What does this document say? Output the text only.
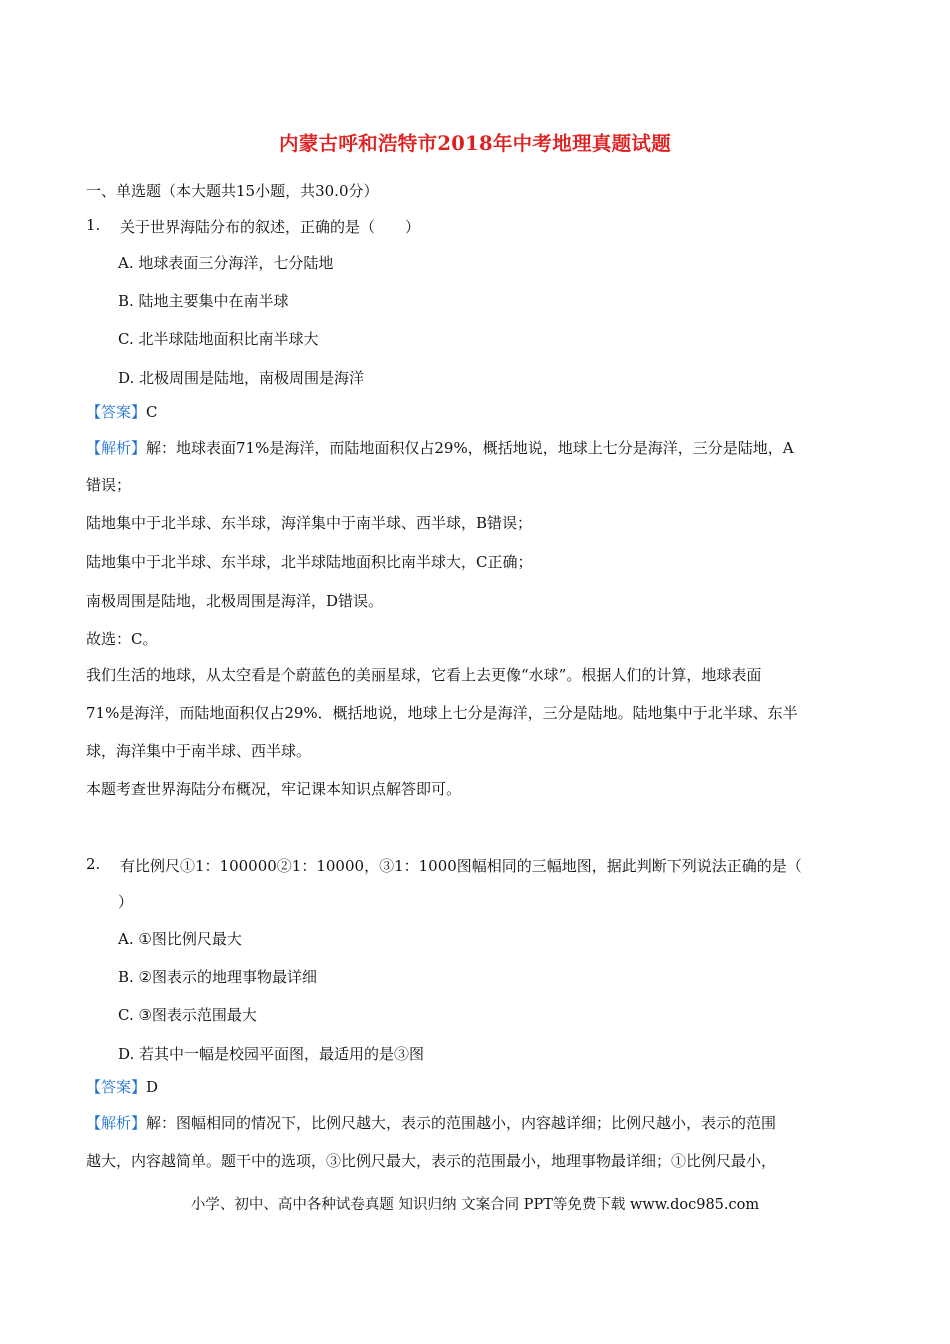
内蒙古呼和浩特市2018年中考地理真题试题
一、单选题（本大题共15小题，共30.0分）
1. 关于世界海陆分布的叙述，正确的是（　　）
A. 地球表面三分海洋，七分陆地
B. 陆地主要集中在南半球
C. 北半球陆地面积比南半球大
D. 北极周围是陆地，南极周围是海洋
【答案】C
【解析】解：地球表面71%是海洋，而陆地面积仅占29%，概括地说，地球上七分是海洋，三分是陆地，A
错误；
陆地集中于北半球、东半球，海洋集中于南半球、西半球，B错误；
陆地集中于北半球、东半球，北半球陆地面积比南半球大，C正确；
南极周围是陆地，北极周围是海洋，D错误。
故选：C。
我们生活的地球，从太空看是个蔚蓝色的美丽星球，它看上去更像“水球”。根据人们的计算，地球表面
71%是海洋，而陆地面积仅占29%．概括地说，地球上七分是海洋，三分是陆地。陆地集中于北半球、东半
球，海洋集中于南半球、西半球。
本题考查世界海陆分布概况，牢记课本知识点解答即可。
2. 有比例尺①1：100000②1：10000，③1：1000图幅相同的三幅地图，据此判断下列说法正确的是（
）
A. ①图比例尺最大
B. ②图表示的地理事物最详细
C. ③图表示范围最大
D. 若其中一幅是校园平面图，最适用的是③图
【答案】D
【解析】解：图幅相同的情况下，比例尺越大，表示的范围越小，内容越详细；比例尺越小，表示的范围
越大，内容越简单。题干中的选项，③比例尺最大，表示的范围最小，地理事物最详细；①比例尺最小，
小学、初中、高中各种试卷真题 知识归纳 文案合同 PPT等免费下载 www.doc985.com
